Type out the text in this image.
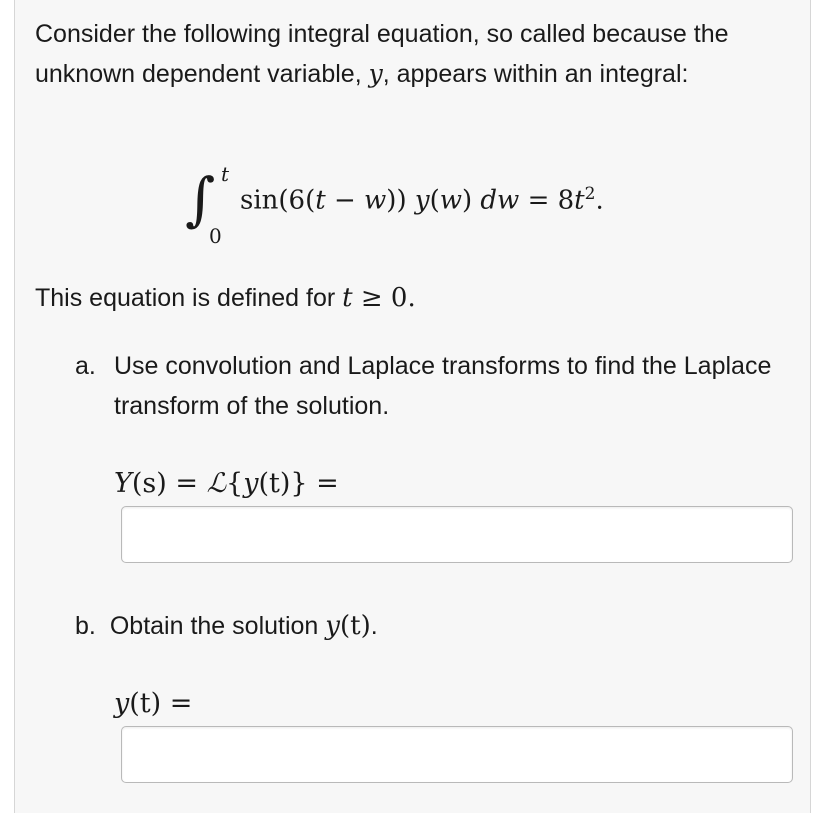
Consider the following integral equation, so called because the unknown dependent variable, y, appears within an integral:
∫ t
0
sin(6(t − w)) y(w) dw = $8t^2$.
This equation is defined for t ≥ 0.
a. Use convolution and Laplace transforms to find the Laplace transform of the solution.
Y(s) = ℒ{y(t)} =
b. Obtain the solution y(t).
y(t) =
